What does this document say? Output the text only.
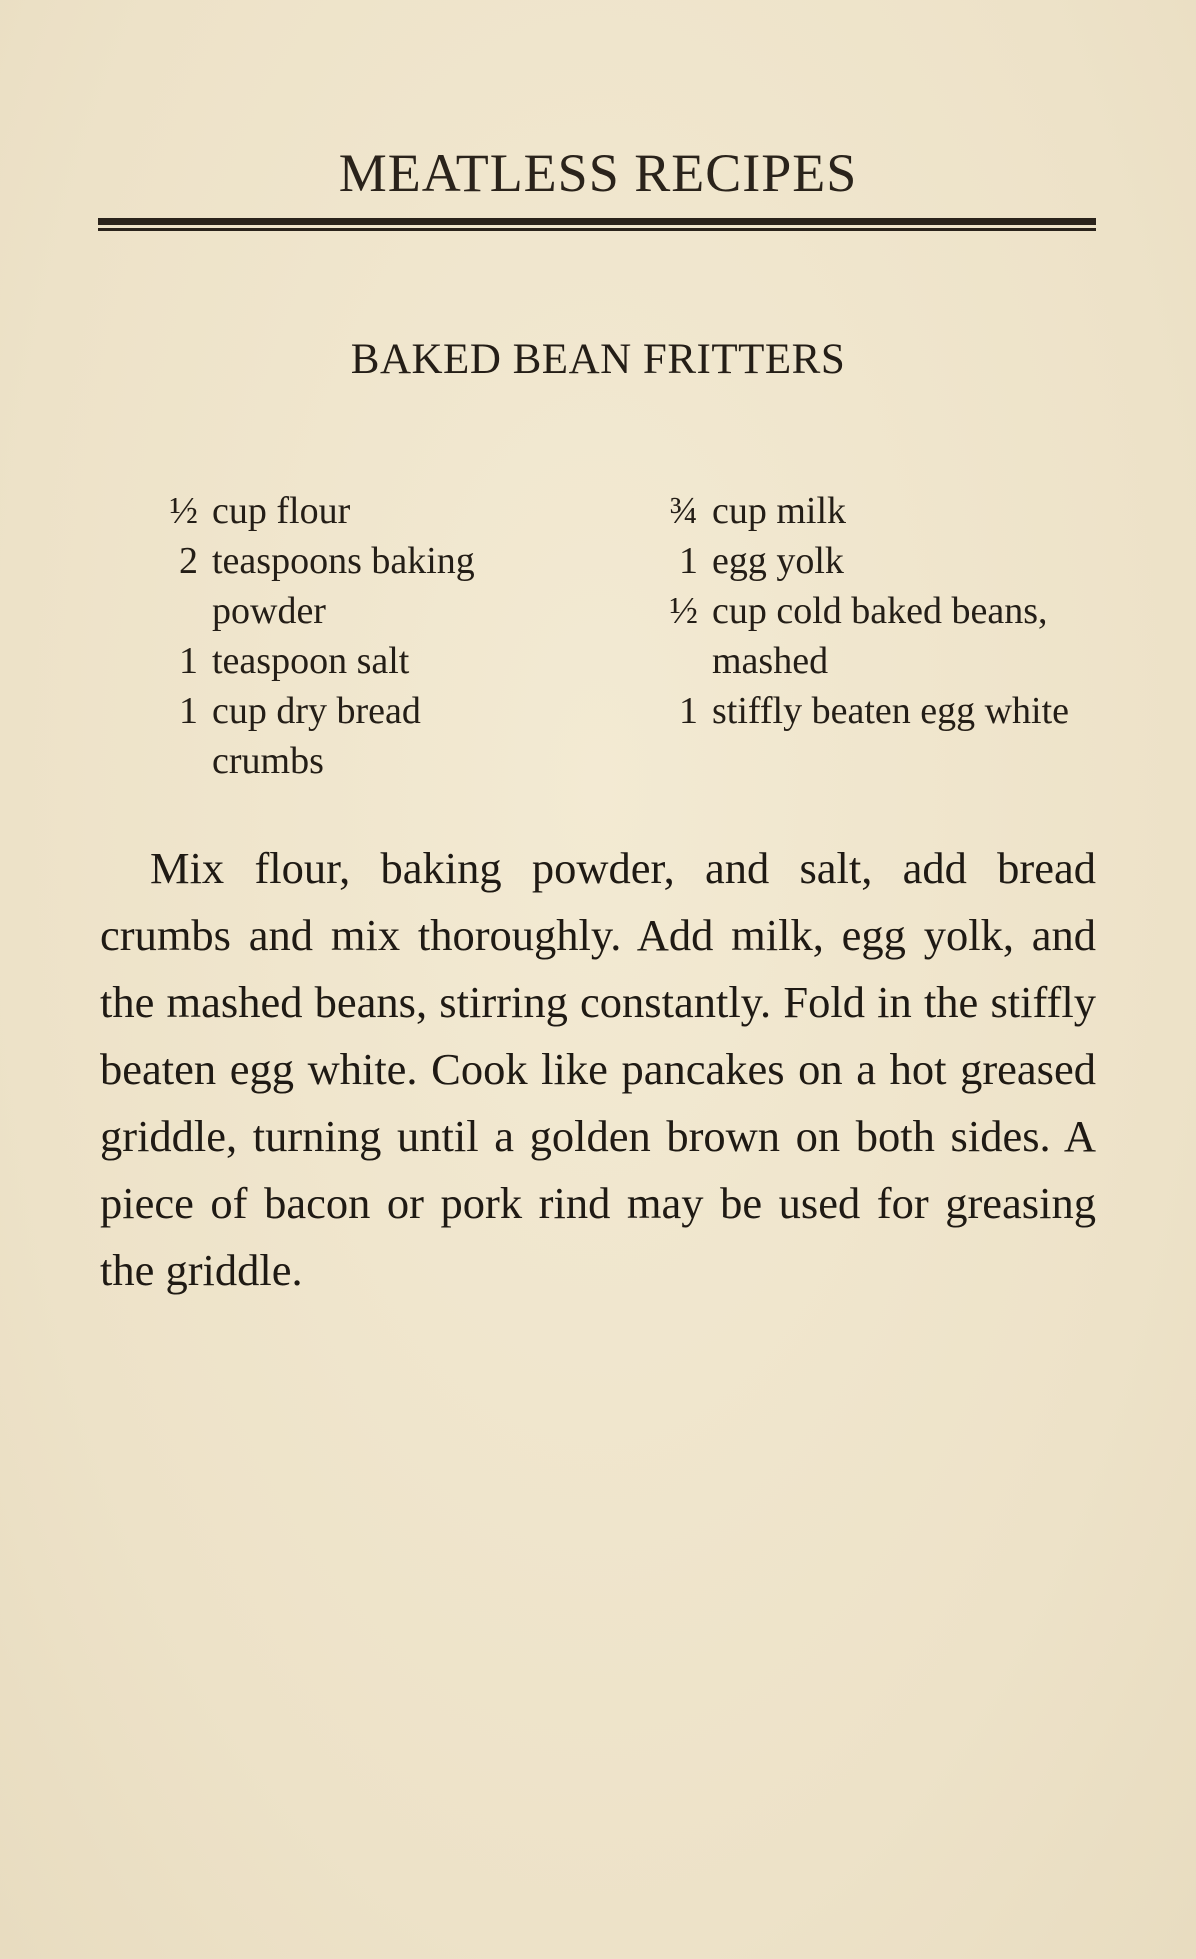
MEATLESS RECIPES
BAKED BEAN FRITTERS
½ cup flour
2 teaspoons baking powder
1 teaspoon salt
1 cup dry bread crumbs
¾ cup milk
1 egg yolk
½ cup cold baked beans, mashed
1 stiffly beaten egg white

Mix flour, baking powder, and salt, add bread crumbs and mix thoroughly. Add milk, egg yolk, and the mashed beans, stirring constantly. Fold in the stiffly beaten egg white. Cook like pancakes on a hot greased griddle, turning until a golden brown on both sides. A piece of bacon or pork rind may be used for greasing the griddle.
